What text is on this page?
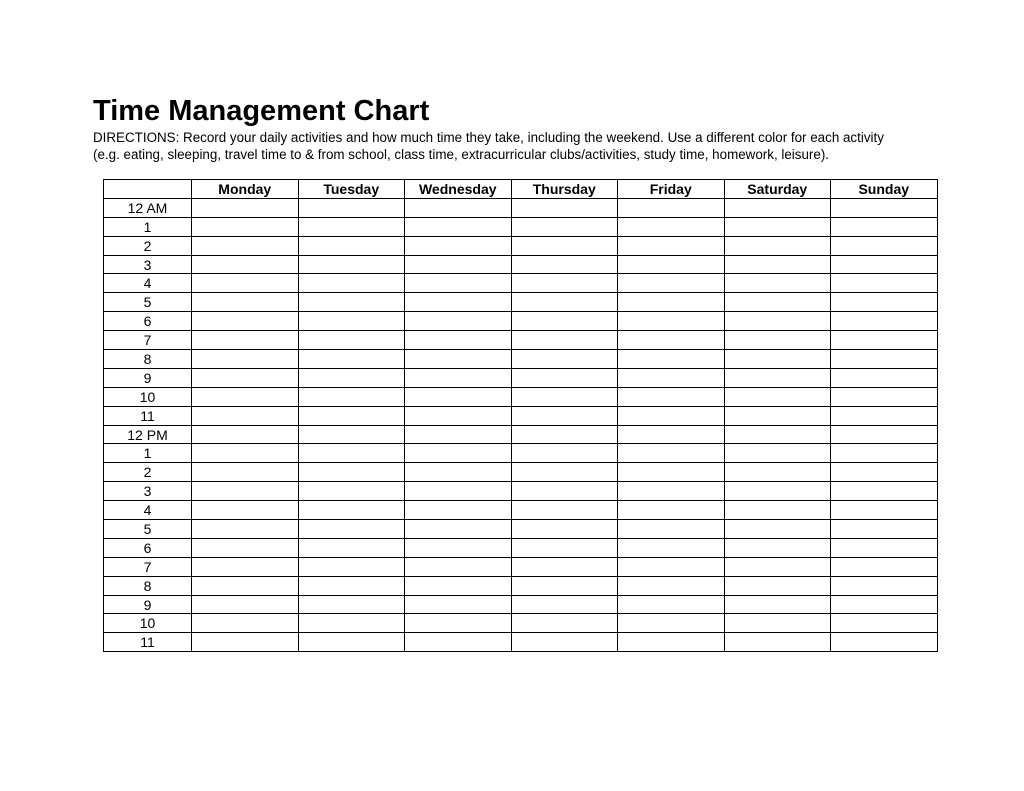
Time Management Chart
DIRECTIONS: Record your daily activities and how much time they take, including the weekend. Use a different color for each activity
(e.g. eating, sleeping, travel time to & from school, class time, extracurricular clubs/activities, study time, homework, leisure).
	Monday	Tuesday	Wednesday	Thursday	Friday	Saturday	Sunday
12 AM							
1							
2							
3							
4							
5							
6							
7							
8							
9							
10							
11							
12 PM							
1							
2							
3							
4							
5							
6							
7							
8							
9							
10							
11							
